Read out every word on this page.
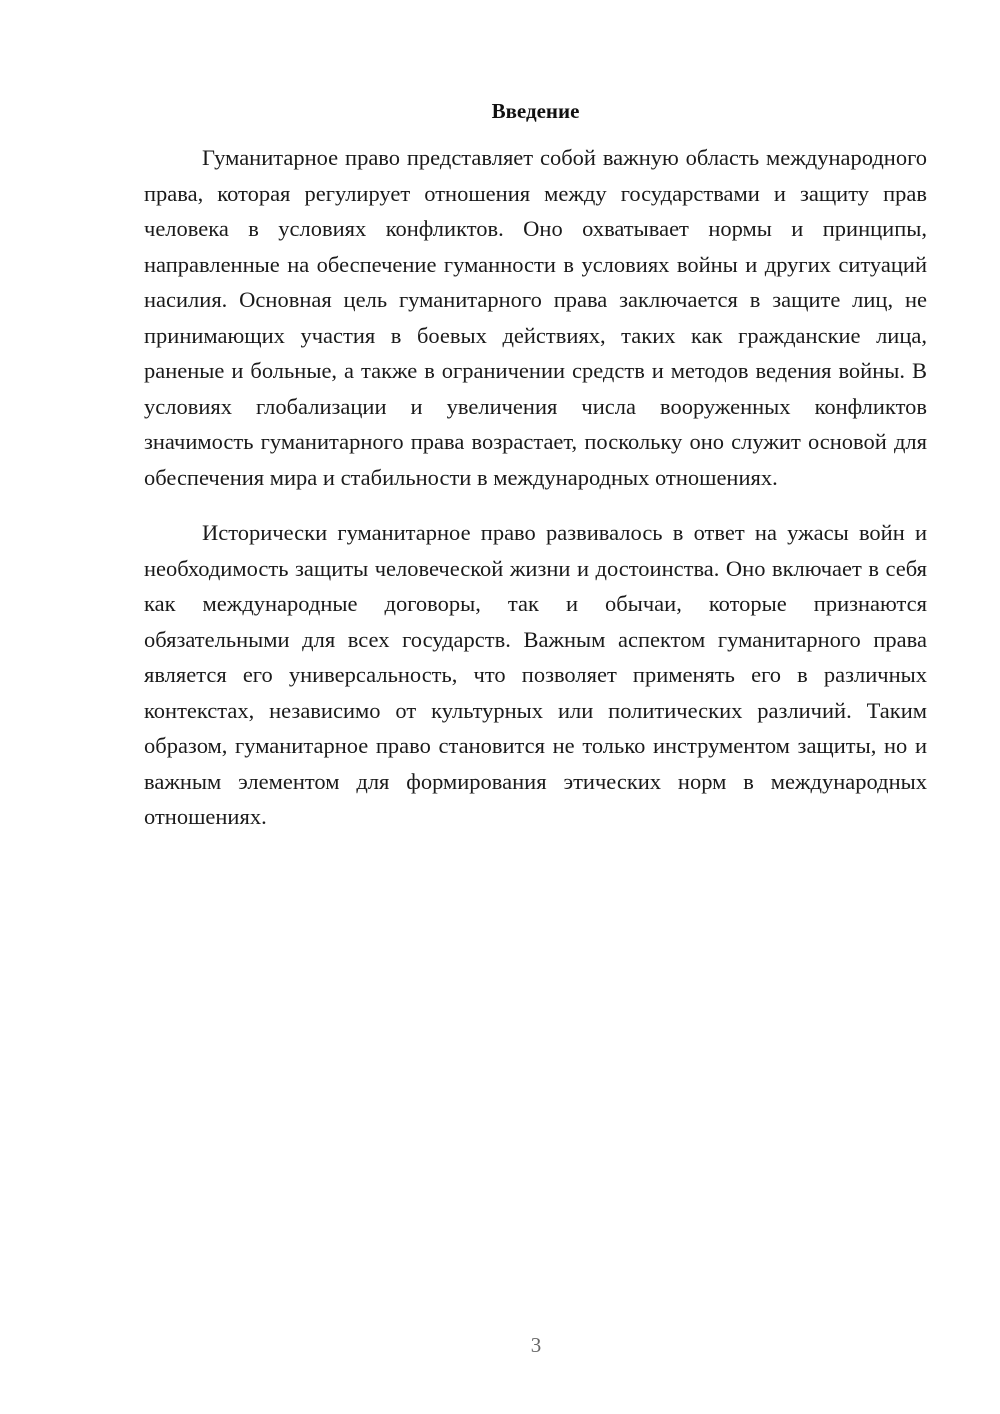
Введение

Гуманитарное право представляет собой важную область международного права, которая регулирует отношения между государствами и защиту прав человека в условиях конфликтов. Оно охватывает нормы и принципы, направленные на обеспечение гуманности в условиях войны и других ситуаций насилия. Основная цель гуманитарного права заключается в защите лиц, не принимающих участия в боевых действиях, таких как гражданские лица, раненые и больные, а также в ограничении средств и методов ведения войны. В условиях глобализации и увеличения числа вооруженных конфликтов значимость гуманитарного права возрастает, поскольку оно служит основой для обеспечения мира и стабильности в международных отношениях.

Исторически гуманитарное право развивалось в ответ на ужасы войн и необходимость защиты человеческой жизни и достоинства. Оно включает в себя как международные договоры, так и обычаи, которые признаются обязательными для всех государств. Важным аспектом гуманитарного права является его универсальность, что позволяет применять его в различных контекстах, независимо от культурных или политических различий. Таким образом, гуманитарное право становится не только инструментом защиты, но и важным элементом для формирования этических норм в международных отношениях.

3
